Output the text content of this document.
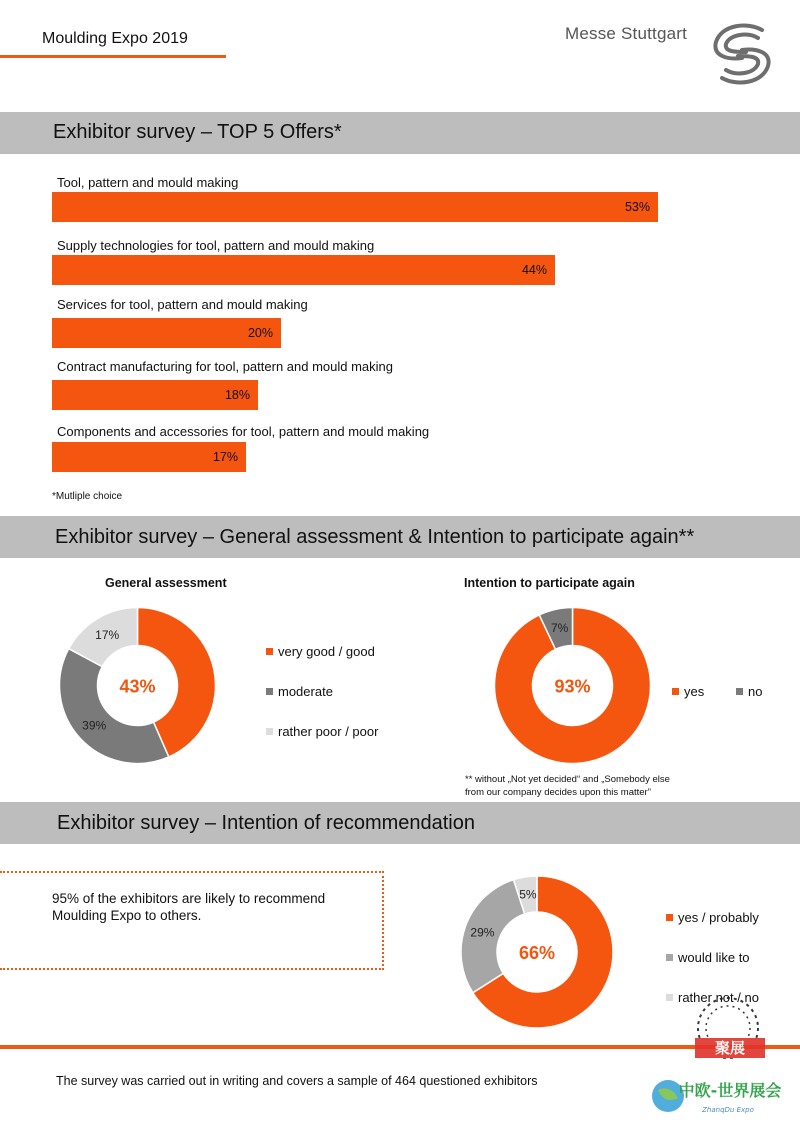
Moulding Expo 2019	Messe Stuttgart
Exhibitor survey – TOP 5 Offers*
Tool, pattern and mould making
53%
Supply technologies for tool, pattern and mould making
44%
Services for tool, pattern and mould making
20%
Contract manufacturing for tool, pattern and mould making
18%
Components and accessories for tool, pattern and mould making
17%
*Mutliple choice
Exhibitor survey – General assessment & Intention to participate again**
General assessment	Intention to participate again
39%
17%
43%
7%
93%
very good / good
moderate
rather poor / poor
yes	no
** without „Not yet decided“ and „Somebody else
from our company decides upon this matter”
Exhibitor survey – Intention of recommendation
95% of the exhibitors are likely to recommend
Moulding Expo to others.
29%
5%
66%
yes / probably
would like to
rather not / no
The survey was carried out in writing and covers a sample of 464 questioned exhibitors
聚展
中欧-世界展会
ZhanqDu Expo
